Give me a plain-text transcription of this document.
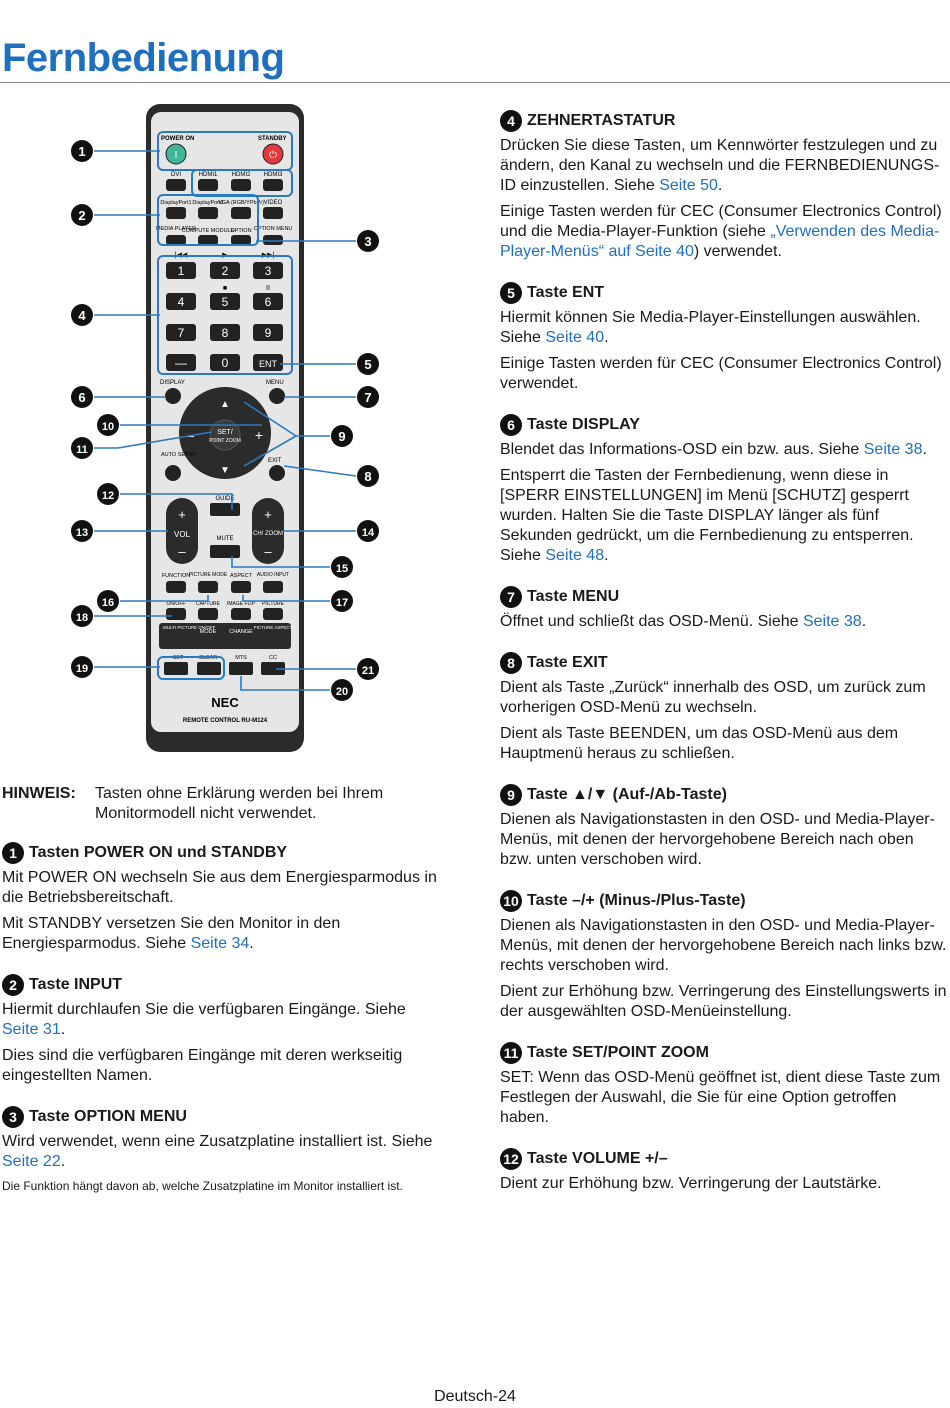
Fernbedienung
POWER ON	STANDBY
I	⏻
DVI	HDMI1 HDMI2 HDMI3
DisplayPort1 DisplayPort2
VGA (RGB/YPbPr) VIDEO
MEDIA PLAYER
COMPUTE MODULE
OPTION OPTION MENU
|◀◀	▶	▶▶|
■	II
1	2	3
4	5	6
7	8	9
—	0	ENT
DISPLAY	MENU
▲
▼
–	+
SET/
POINT ZOOM
AUTO SETUP
EXIT
GUIDE
MUTE
+
VOL
–
+
CH/ ZOOM
–
FUNCTION
PICTURE MODE ASPECT AUDIO INPUT
ON/OFF CAPTURE IMAGE FLIP PICTURE
MULTI PICTURE ON/OFF
MODE CHANGE
PICTURE ASPECT
SET	CLEAR	MTS	CC
NEC
REMOTE CONTROL RU-M124
1
2
3
4
5
6	7
8
9
10
11
12
13	14
15
16	17
18
19
20
21
HINWEIS:	Tasten ohne Erklärung werden bei Ihrem Monitormodell nicht verwendet.
1 Tasten POWER ON und STANDBY
Mit POWER ON wechseln Sie aus dem Energiesparmodus in die Betriebsbereitschaft.
Mit STANDBY versetzen Sie den Monitor in den Energiesparmodus. Siehe Seite 34.
2 Taste INPUT
Hiermit durchlaufen Sie die verfügbaren Eingänge. Siehe Seite 31.
Dies sind die verfügbaren Eingänge mit deren werkseitig eingestellten Namen.
3 Taste OPTION MENU
Wird verwendet, wenn eine Zusatzplatine installiert ist. Siehe Seite 22.
Die Funktion hängt davon ab, welche Zusatzplatine im Monitor installiert ist.
4 ZEHNERTASTATUR
Drücken Sie diese Tasten, um Kennwörter festzulegen und zu ändern, den Kanal zu wechseln und die FERNBEDIENUNGS-ID einzustellen. Siehe Seite 50.
Einige Tasten werden für CEC (Consumer Electronics Control) und die Media-Player-Funktion (siehe „Verwenden des Media-Player-Menüs“ auf Seite 40) verwendet.
5 Taste ENT
Hiermit können Sie Media-Player-Einstellungen auswählen. Siehe Seite 40.
Einige Tasten werden für CEC (Consumer Electronics Control) verwendet.
6 Taste DISPLAY
Blendet das Informations-OSD ein bzw. aus. Siehe Seite 38.
Entsperrt die Tasten der Fernbedienung, wenn diese in [SPERR EINSTELLUNGEN] im Menü [SCHUTZ] gesperrt wurden. Halten Sie die Taste DISPLAY länger als fünf Sekunden gedrückt, um die Fernbedienung zu entsperren. Siehe Seite 48.
7 Taste MENU
Öffnet und schließt das OSD-Menü. Siehe Seite 38.
8 Taste EXIT
Dient als Taste „Zurück“ innerhalb des OSD, um zurück zum vorherigen OSD-Menü zu wechseln.
Dient als Taste BEENDEN, um das OSD-Menü aus dem Hauptmenü heraus zu schließen.
9 Taste ▲/▼ (Auf-/Ab-Taste)
Dienen als Navigationstasten in den OSD- und Media-Player-Menüs, mit denen der hervorgehobene Bereich nach oben bzw. unten verschoben wird.
10 Taste –/+ (Minus-/Plus-Taste)
Dienen als Navigationstasten in den OSD- und Media-Player-Menüs, mit denen der hervorgehobene Bereich nach links bzw. rechts verschoben wird.
Dient zur Erhöhung bzw. Verringerung des Einstellungswerts in der ausgewählten OSD-Menüeinstellung.
11 Taste SET/POINT ZOOM
SET: Wenn das OSD-Menü geöffnet ist, dient diese Taste zum Festlegen der Auswahl, die Sie für eine Option getroffen haben.
12 Taste VOLUME +/–
Dient zur Erhöhung bzw. Verringerung der Lautstärke.
Deutsch-24
